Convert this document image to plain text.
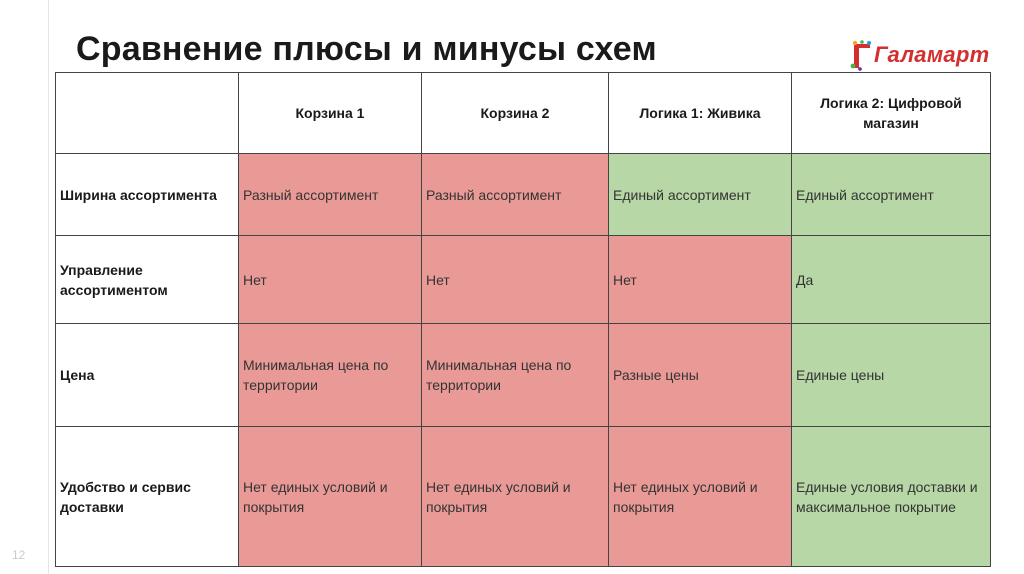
Сравнение плюсы и минусы схем	Галамарт
	Корзина 1	Корзина 2	Логика 1: Живика	Логика 2: Цифровой магазин
Ширина ассортимента	Разный ассортимент	Разный ассортимент	Единый ассортимент	Единый ассортимент
Управление ассортиментом	Нет	Нет	Нет	Да
Цена	Минимальная цена по территории	Минимальная цена по территории	Разные цены	Единые цены
Удобство и сервис доставки	Нет единых условий и покрытия	Нет единых условий и покрытия	Нет единых условий и покрытия	Единые условия доставки и максимальное покрытие
12
